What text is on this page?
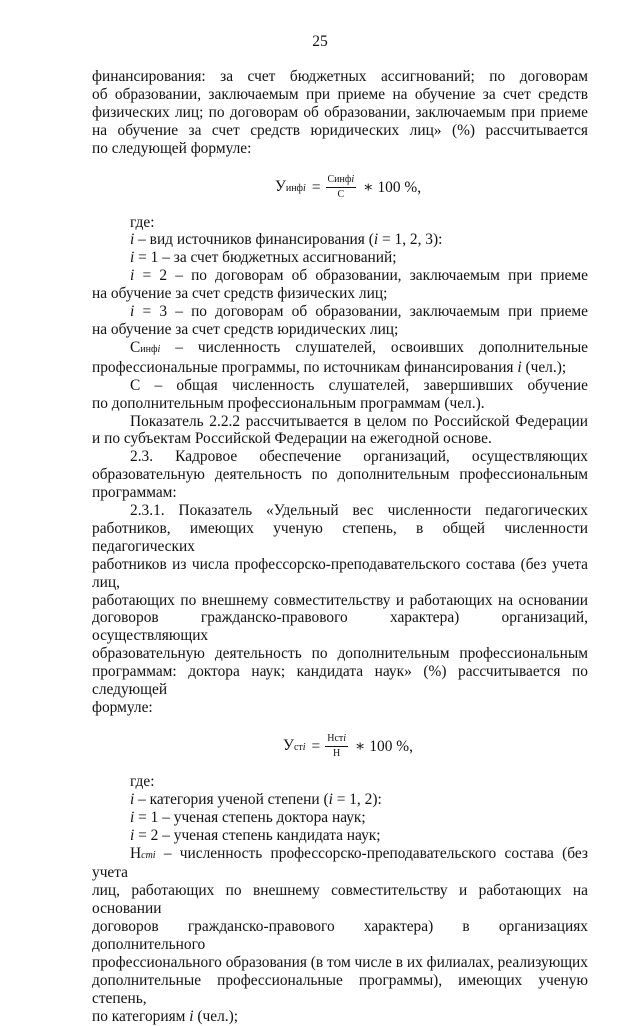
25

финансирования: за счет бюджетных ассигнований; по договорам

об образовании, заключаемым при приеме на обучение за счет средств

физических лиц; по договорам об образовании, заключаемым при приеме

на обучение за счет средств юридических лиц» (%) рассчитывается

по следующей формуле:

Уинфi = $\frac{\text{Синфi}}{С}$ ∗ 100 %,

где:

i – вид источников финансирования (i = 1, 2, 3):

i = 1 – за счет бюджетных ассигнований;

i = 2 – по договорам об образовании, заключаемым при приеме

на обучение за счет средств физических лиц;

i = 3 – по договорам об образовании, заключаемым при приеме

на обучение за счет средств юридических лиц;

Синфi – численность слушателей, освоивших дополнительные

профессиональные программы, по источникам финансирования i (чел.);

С – общая численность слушателей, завершивших обучение

по дополнительным профессиональным программам (чел.).

Показатель 2.2.2 рассчитывается в целом по Российской Федерации

и по субъектам Российской Федерации на ежегодной основе.

2.3. Кадровое обеспечение организаций, осуществляющих

образовательную деятельность по дополнительным профессиональным

программам:

2.3.1. Показатель «Удельный вес численности педагогических

работников, имеющих ученую степень, в общей численности педагогических

работников из числа профессорско-преподавательского состава (без учета лиц,

работающих по внешнему совместительству и работающих на основании

договоров гражданско-правового характера) организаций, осуществляющих

образовательную деятельность по дополнительным профессиональным

программам: доктора наук; кандидата наук» (%) рассчитывается по следующей

формуле:

Устi = $\frac{\text{Нстi}}{Н}$ ∗ 100 %,

где:

i – категория ученой степени (i = 1, 2):

i = 1 – ученая степень доктора наук;

i = 2 – ученая степень кандидата наук;

Нсті – численность профессорско-преподавательского состава (без учета

лиц, работающих по внешнему совместительству и работающих на основании

договоров гражданско-правового характера) в организациях дополнительного

профессионального образования (в том числе в их филиалах, реализующих

дополнительные профессиональные программы), имеющих ученую степень,

по категориям i (чел.);
